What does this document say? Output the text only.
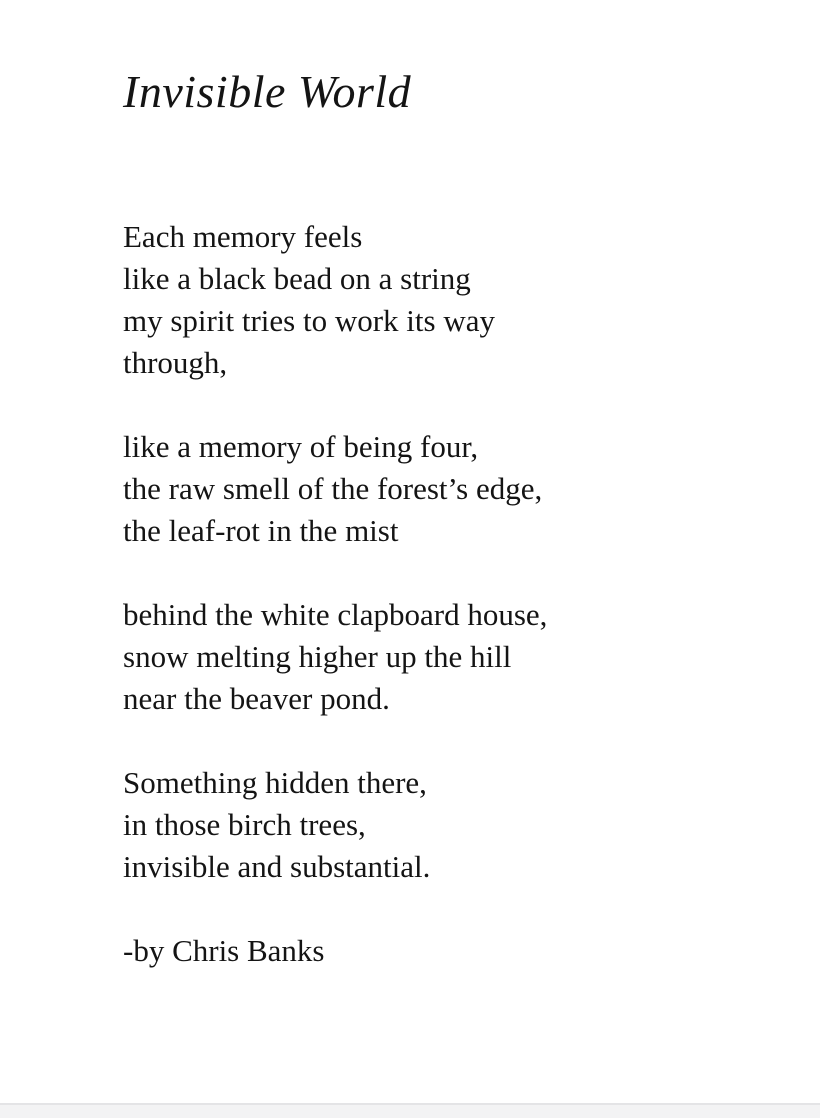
Invisible World

Each memory feels

like a black bead on a string

my spirit tries to work its way

through,

like a memory of being four,

the raw smell of the forest’s edge,

the leaf-rot in the mist

behind the white clapboard house,

snow melting higher up the hill

near the beaver pond.

Something hidden there,

in those birch trees,

invisible and substantial.

-by Chris Banks
